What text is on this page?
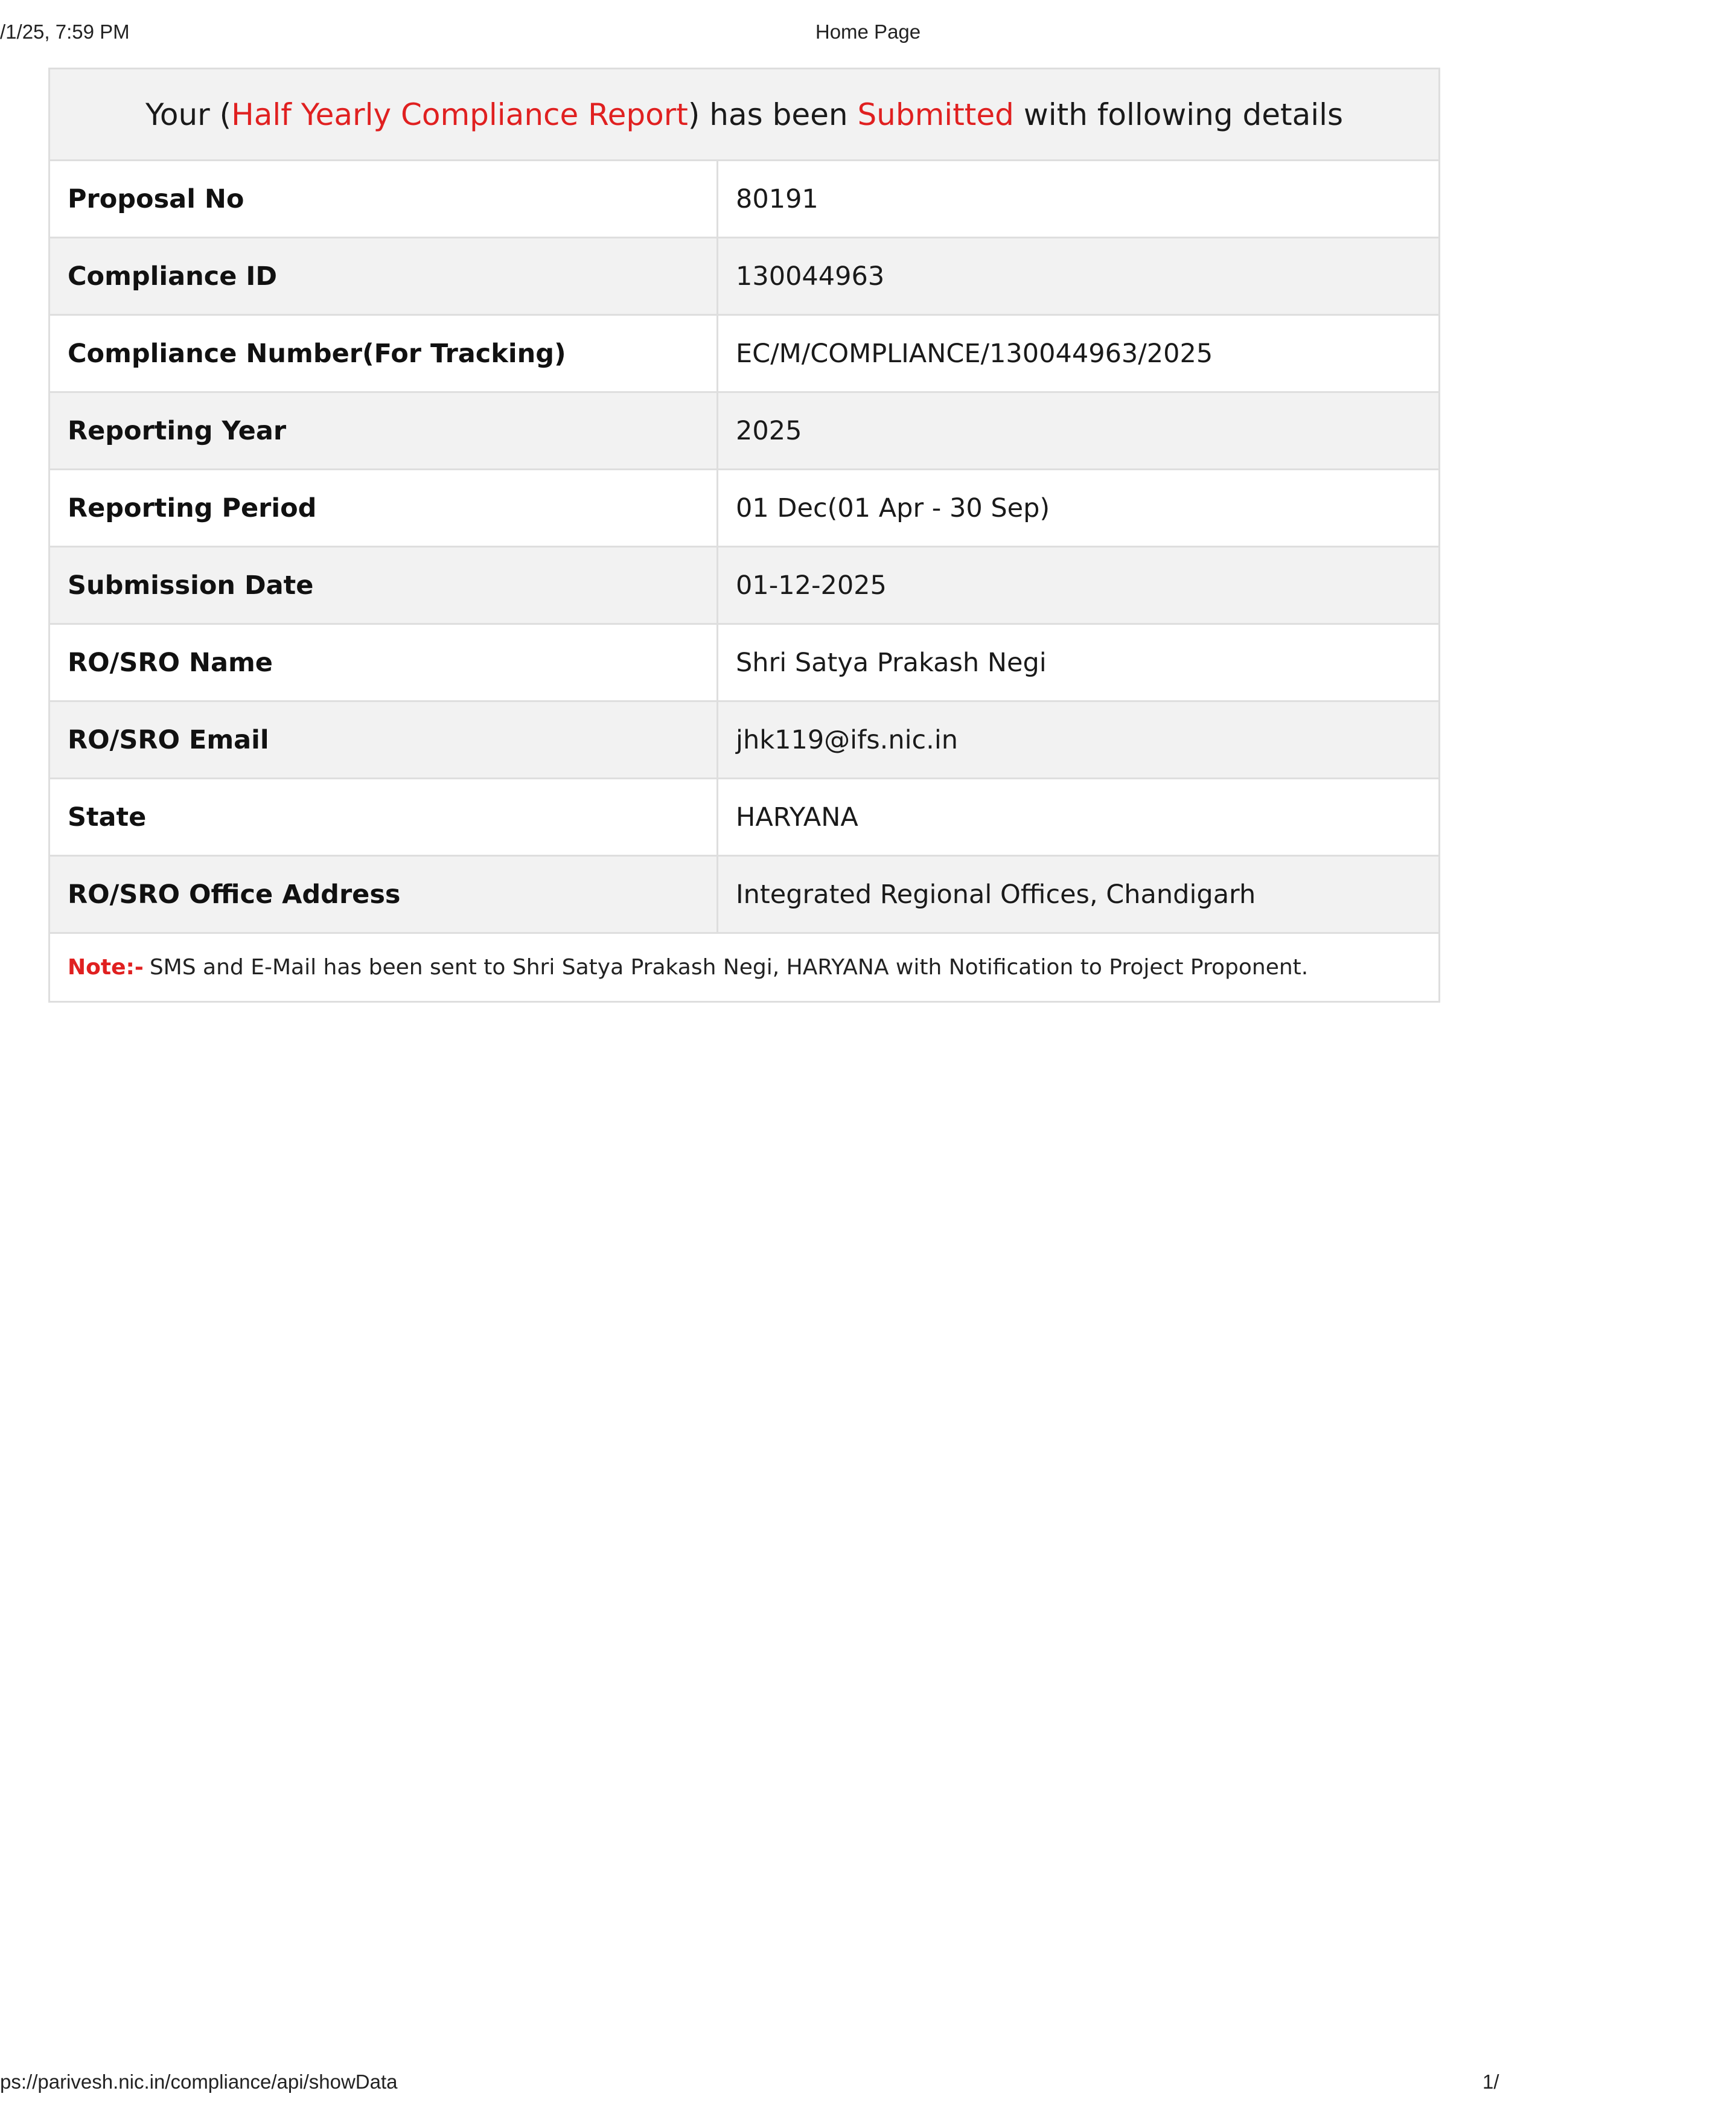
/1/25, 7:59 PM	Home Page
Your ( Half Yearly Compliance Report ) has been Submitted with following details
Proposal No	80191
Compliance ID	130044963
Compliance Number(For Tracking)	EC/M/COMPLIANCE/130044963/2025
Reporting Year	2025
Reporting Period	01 Dec(01 Apr - 30 Sep)
Submission Date	01-12-2025
RO/SRO Name	Shri Satya Prakash Negi
RO/SRO Email	jhk119@ifs.nic.in
State	HARYANA
RO/SRO Office Address	Integrated Regional Offices, Chandigarh
Note:- SMS and E-Mail has been sent to Shri Satya Prakash Negi, HARYANA with Notification to Project Proponent.
ps://parivesh.nic.in/compliance/api/showData	1/
